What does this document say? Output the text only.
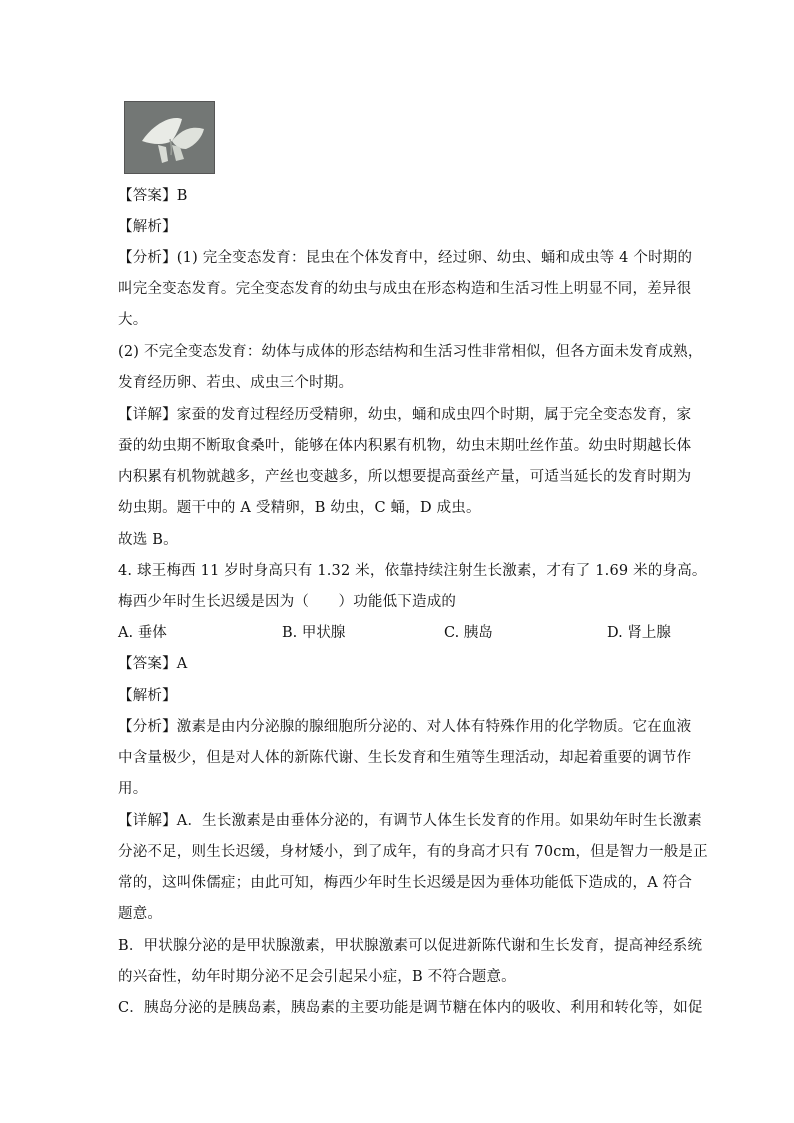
【答案】B
【解析】
【分析】(1) 完全变态发育：昆虫在个体发育中，经过卵、幼虫、蛹和成虫等 4 个时期的
叫完全变态发育。完全变态发育的幼虫与成虫在形态构造和生活习性上明显不同，差异很
大。
(2) 不完全变态发育：幼体与成体的形态结构和生活习性非常相似，但各方面未发育成熟，
发育经历卵、若虫、成虫三个时期。
【详解】家蚕的发育过程经历受精卵，幼虫，蛹和成虫四个时期，属于完全变态发育，家
蚕的幼虫期不断取食桑叶，能够在体内积累有机物，幼虫末期吐丝作茧。幼虫时期越长体
内积累有机物就越多，产丝也变越多，所以想要提高蚕丝产量，可适当延长的发育时期为
幼虫期。题干中的 A 受精卵，B 幼虫，C 蛹，D 成虫。
故选 B。
4. 球王梅西 11 岁时身高只有 1.32 米，依靠持续注射生长激素，才有了 1.69 米的身高。
梅西少年时生长迟缓是因为（　　）功能低下造成的
A. 垂体	B. 甲状腺	C. 胰岛	D. 肾上腺
【答案】A
【解析】
【分析】激素是由内分泌腺的腺细胞所分泌的、对人体有特殊作用的化学物质。它在血液
中含量极少，但是对人体的新陈代谢、生长发育和生殖等生理活动，却起着重要的调节作
用。
【详解】A．生长激素是由垂体分泌的，有调节人体生长发育的作用。如果幼年时生长激素
分泌不足，则生长迟缓，身材矮小，到了成年，有的身高才只有 70cm，但是智力一般是正
常的，这叫侏儒症；由此可知，梅西少年时生长迟缓是因为垂体功能低下造成的，A 符合
题意。
B．甲状腺分泌的是甲状腺激素，甲状腺激素可以促进新陈代谢和生长发育，提高神经系统
的兴奋性，幼年时期分泌不足会引起呆小症，B 不符合题意。
C．胰岛分泌的是胰岛素，胰岛素的主要功能是调节糖在体内的吸收、利用和转化等，如促
